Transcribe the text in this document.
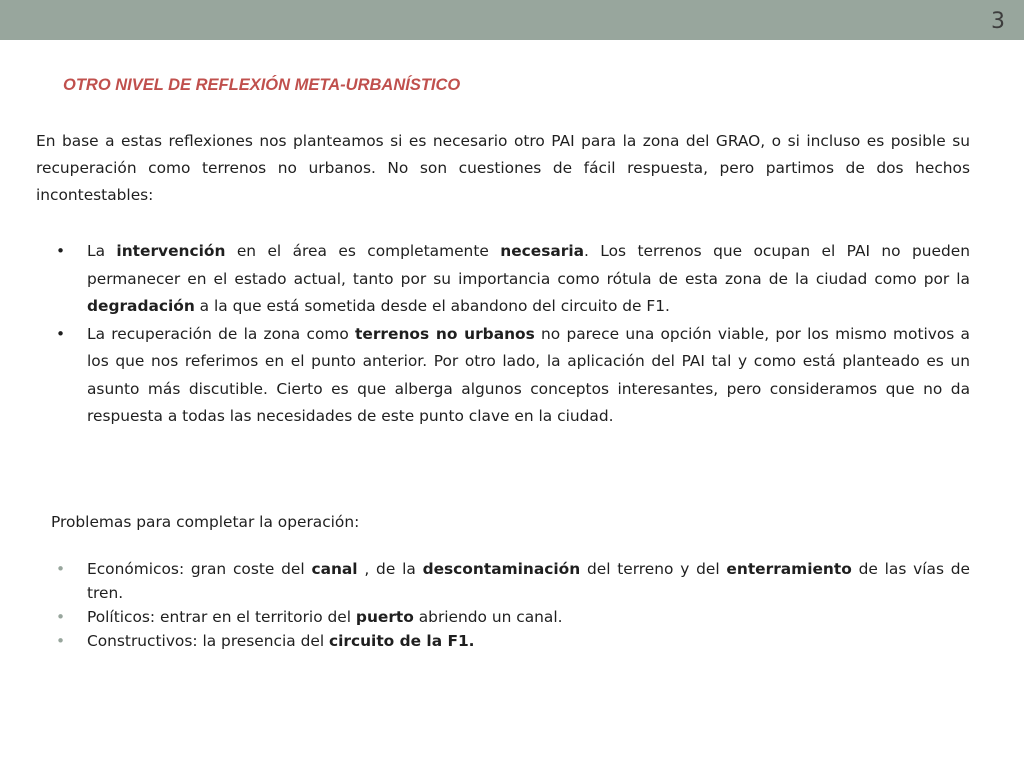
3
OTRO NIVEL DE REFLEXIÓN META-URBANÍSTICO

En base a estas reflexiones nos planteamos si es necesario otro PAI para la zona del GRAO, o si incluso es posible su recuperación como terrenos no urbanos. No son cuestiones de fácil respuesta, pero partimos de dos hechos incontestables:

• La intervención en el área es completamente necesaria. Los terrenos que ocupan el PAI no pueden permanecer en el estado actual, tanto por su importancia como rótula de esta zona de la ciudad como por la degradación a la que está sometida desde el abandono del circuito de F1.
• La recuperación de la zona como terrenos no urbanos no parece una opción viable, por los mismo motivos a los que nos referimos en el punto anterior. Por otro lado, la aplicación del PAI tal y como está planteado es un asunto más discutible. Cierto es que alberga algunos conceptos interesantes, pero consideramos que no da respuesta a todas las necesidades de este punto clave en la ciudad.

Problemas para completar la operación:

• Económicos: gran coste del canal , de la descontaminación del terreno y del enterramiento de las vías de tren.
• Políticos: entrar en el territorio del puerto abriendo un canal.
• Constructivos: la presencia del circuito de la F1.
